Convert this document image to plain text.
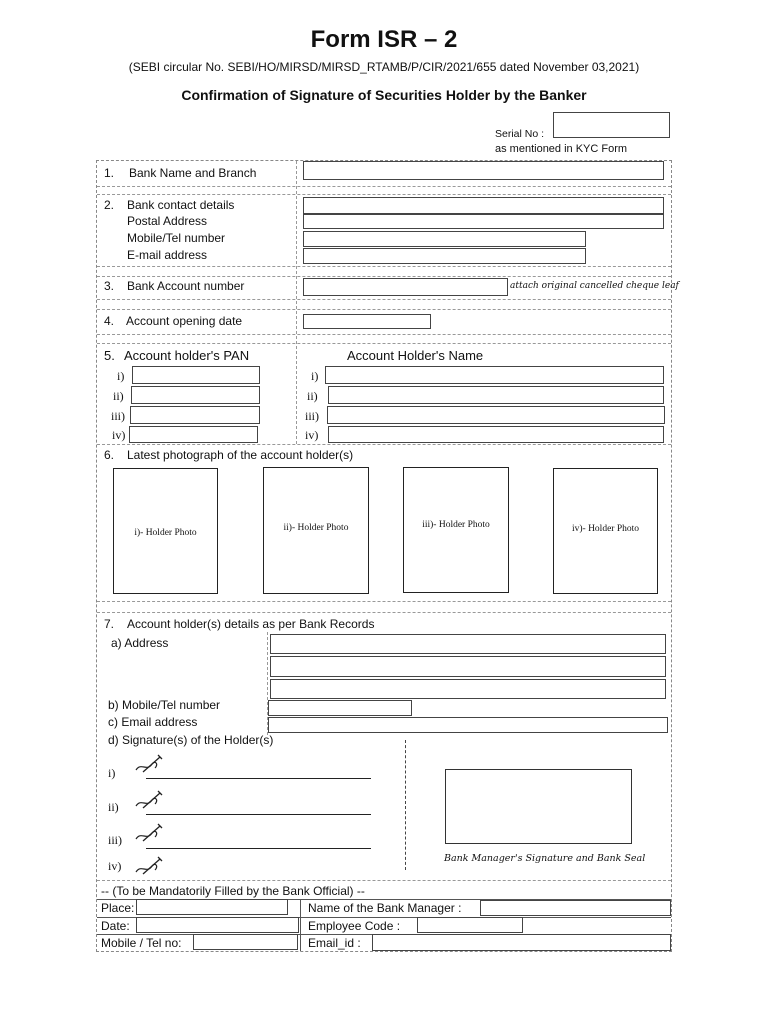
Form ISR – 2
(SEBI circular No. SEBI/HO/MIRSD/MIRSD_RTAMB/P/CIR/2021/655 dated November 03,2021)
Confirmation of Signature of Securities Holder by the Banker
Serial No :
as mentioned in KYC Form
1. Bank Name and Branch
2. Bank contact details
Postal Address
Mobile/Tel number
E-mail address
3. Bank Account number	attach original cancelled cheque leaf
4. Account opening date
5. Account holder's PAN	Account Holder's Name
i)	i)
ii)	ii)
iii)	iii)
iv)	iv)
6. Latest photograph of the account holder(s)
i)- Holder Photo
ii)- Holder Photo	iii)- Holder Photo	iv)- Holder Photo
7. Account holder(s) details as per Bank Records
a) Address
b) Mobile/Tel number
c) Email address
d) Signature(s) of the Holder(s)
i)
ii)
iii)
iv)
Bank Manager's Signature and Bank Seal
-- (To be Mandatorily Filled by the Bank Official) --
Place:	Name of the Bank Manager :
Date:	Employee Code :
Mobile / Tel no:	Email_id :
